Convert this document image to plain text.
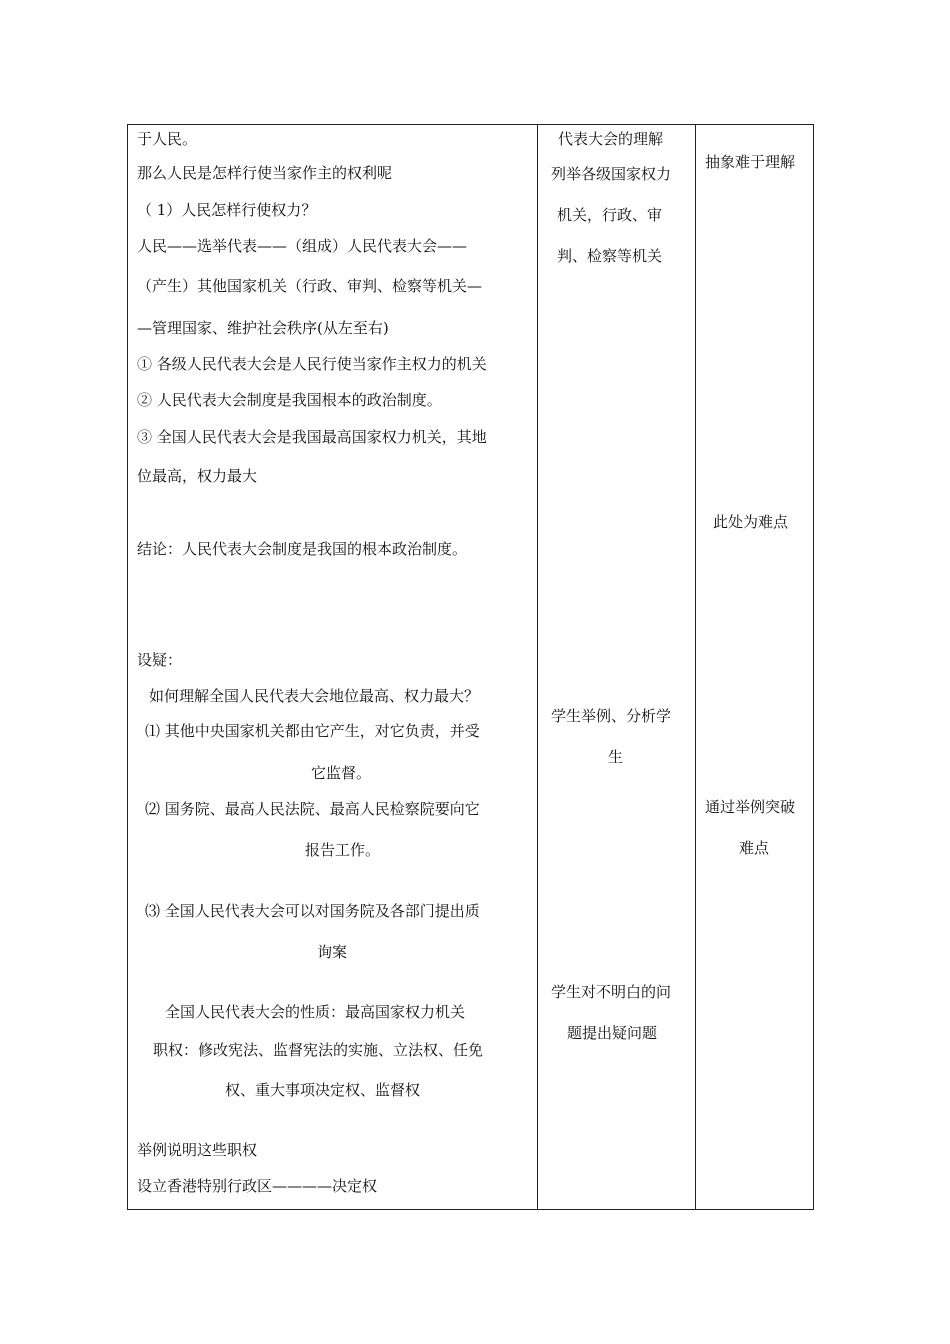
于人民。
那么人民是怎样行使当家作主的权利呢
（ 1）人民怎样行使权力？
人民——选举代表——（组成）人民代表大会——
（产生）其他国家机关（行政、审判、检察等机关—
—管理国家、维护社会秩序(从左至右)
① 各级人民代表大会是人民行使当家作主权力的机关
② 人民代表大会制度是我国根本的政治制度。
③ 全国人民代表大会是我国最高国家权力机关，其地
位最高，权力最大
结论：人民代表大会制度是我国的根本政治制度。
设疑：
如何理解全国人民代表大会地位最高、权力最大？
⑴ 其他中央国家机关都由它产生，对它负责，并受
它监督。
⑵ 国务院、最高人民法院、最高人民检察院要向它
报告工作。
⑶ 全国人民代表大会可以对国务院及各部门提出质
询案
全国人民代表大会的性质：最高国家权力机关
职权：修改宪法、监督宪法的实施、立法权、任免
权、重大事项决定权、监督权
举例说明这些职权
设立香港特别行政区————决定权
代表大会的理解
列举各级国家权力
机关，行政、审
判、检察等机关
学生举例、分析学
生
学生对不明白的问
题提出疑问题
抽象难于理解
此处为难点
通过举例突破
难点
